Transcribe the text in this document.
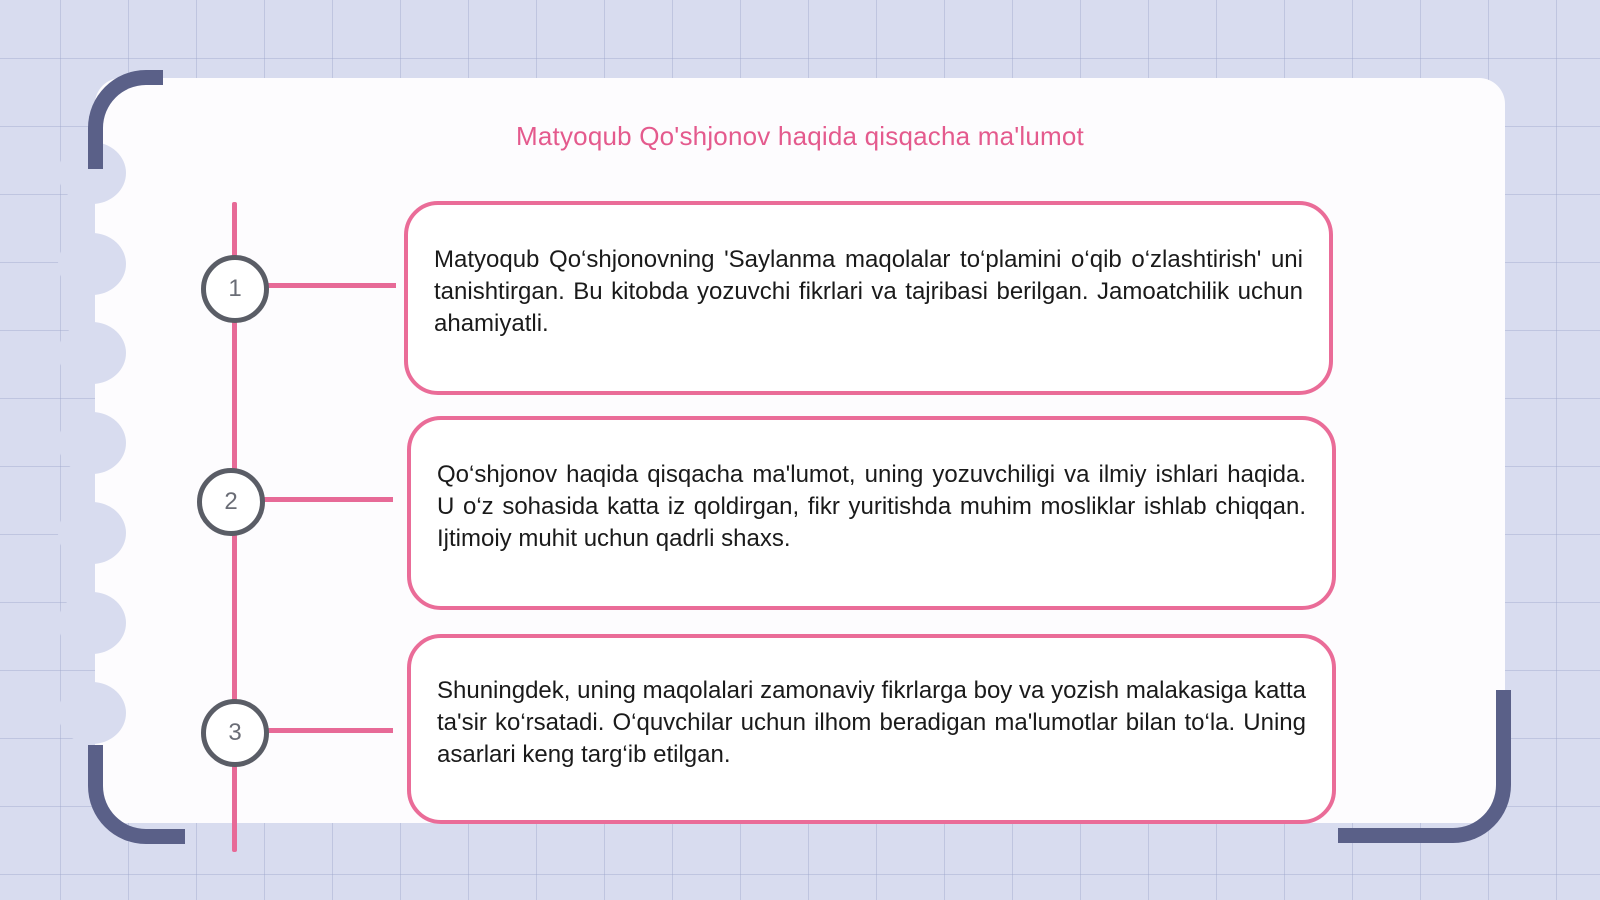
Matyoqub Qo'shjonov haqida qisqacha ma'lumot
1

Matyoqub Qo‘shjonovning 'Saylanma maqolalar to‘plamini o‘qib o‘zlashtirish' uni tanishtirgan. Bu kitobda yozuvchi fikrlari va tajribasi berilgan. Jamoatchilik uchun ahamiyatli.

2

Qo‘shjonov haqida qisqacha ma'lumot, uning yozuvchiligi va ilmiy ishlari haqida. U o‘z sohasida katta iz qoldirgan, fikr yuritishda muhim mosliklar ishlab chiqqan. Ijtimoiy muhit uchun qadrli shaxs.

3

Shuningdek, uning maqolalari zamonaviy fikrlarga boy va yozish malakasiga katta ta'sir ko‘rsatadi. O‘quvchilar uchun ilhom beradigan ma'lumotlar bilan to‘la. Uning asarlari keng targ‘ib etilgan.
